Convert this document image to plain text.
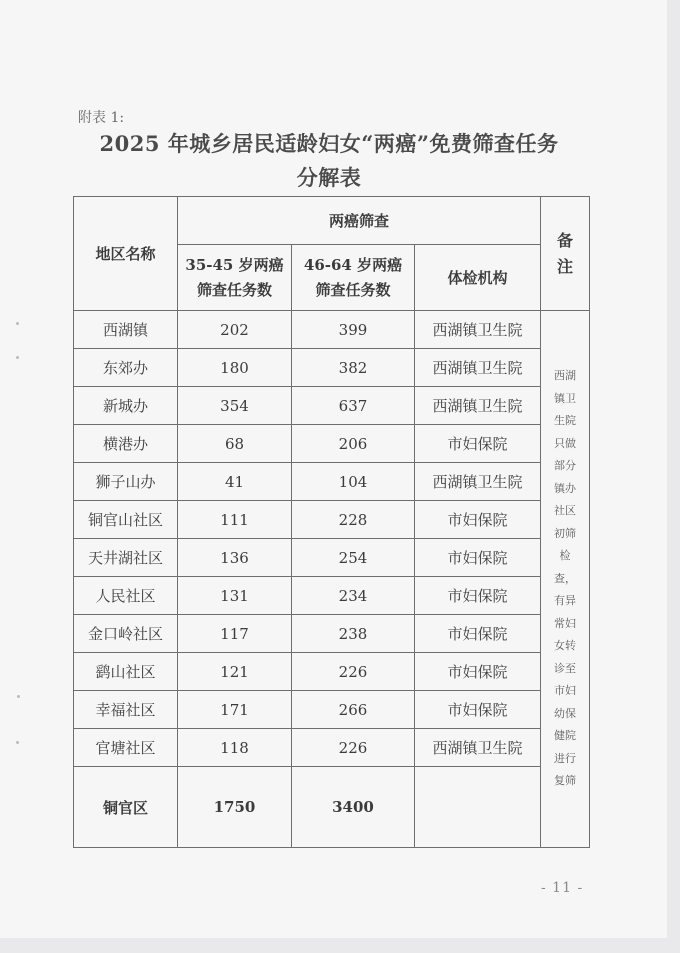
附表 1:
2025 年城乡居民适龄妇女“两癌”免费筛查任务
分解表
地区名称	两癌筛查			备注

	35-45 岁两癌筛查任务数	46-64 岁两癌筛查任务数	体检机构	
西湖镇	202	399	西湖镇卫生院	西湖镇卫生院只做部分镇办社区初筛检查，有异常妇女转诊至市妇幼保健院进行复筛

东郊办	180	382	西湖镇卫生院	
新城办	354	637	西湖镇卫生院	
横港办	68	206	市妇保院	
狮子山办	41	104	西湖镇卫生院	
铜官山社区	111	228	市妇保院	
天井湖社区	136	254	市妇保院	
人民社区	131	234	市妇保院	
金口岭社区	117	238	市妇保院	
鹞山社区	121	226	市妇保院	
幸福社区	171	266	市妇保院	
官塘社区	118	226	西湖镇卫生院	
铜官区	1750	3400		
- 11 -
